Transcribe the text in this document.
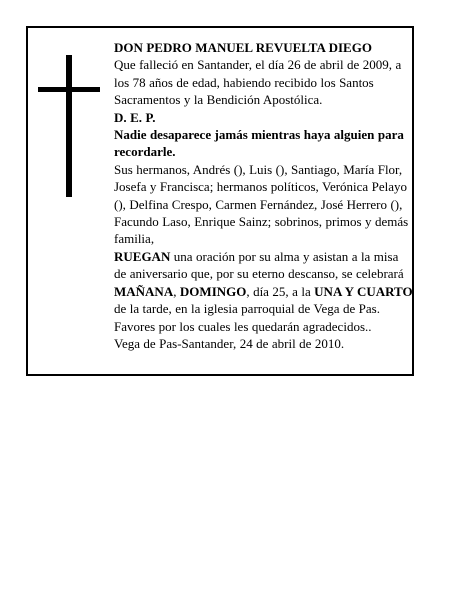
DON PEDRO MANUEL REVUELTA DIEGO

Que falleció en Santander, el día 26 de abril de 2009, a los 78 años de edad, habiendo recibido los Santos Sacramentos y la Bendición Apostólica.

D. E. P.

Nadie desaparece jamás mientras haya alguien para recordarle.

Sus hermanos, Andrés (), Luis (), Santiago, María Flor, Josefa y Francisca; hermanos políticos, Verónica Pelayo (), Delfina Crespo, Carmen Fernández, José Herrero (), Facundo Laso, Enrique Sainz; sobrinos, primos y demás familia,

RUEGAN una oración por su alma y asistan a la misa de aniversario que, por su eterno descanso, se celebrará MAÑANA, DOMINGO, día 25, a la UNA Y CUARTO de la tarde, en la iglesia parroquial de Vega de Pas. Favores por los cuales les quedarán agradecidos..

Vega de Pas-Santander, 24 de abril de 2010.
